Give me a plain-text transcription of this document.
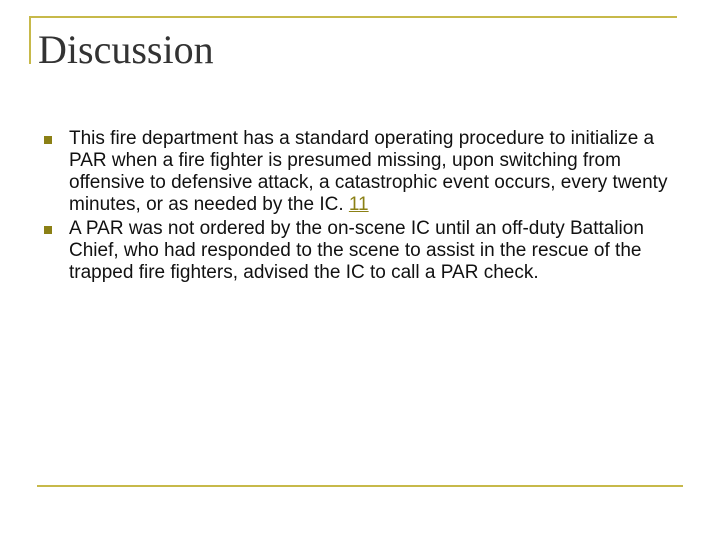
Discussion
This fire department has a standard operating procedure to initialize a PAR when a fire fighter is presumed missing, upon switching from offensive to defensive attack, a catastrophic event occurs, every twenty minutes, or as needed by the IC. 11
A PAR was not ordered by the on-scene IC until an off-duty Battalion Chief, who had responded to the scene to assist in the rescue of the trapped fire fighters, advised the IC to call a PAR check.
